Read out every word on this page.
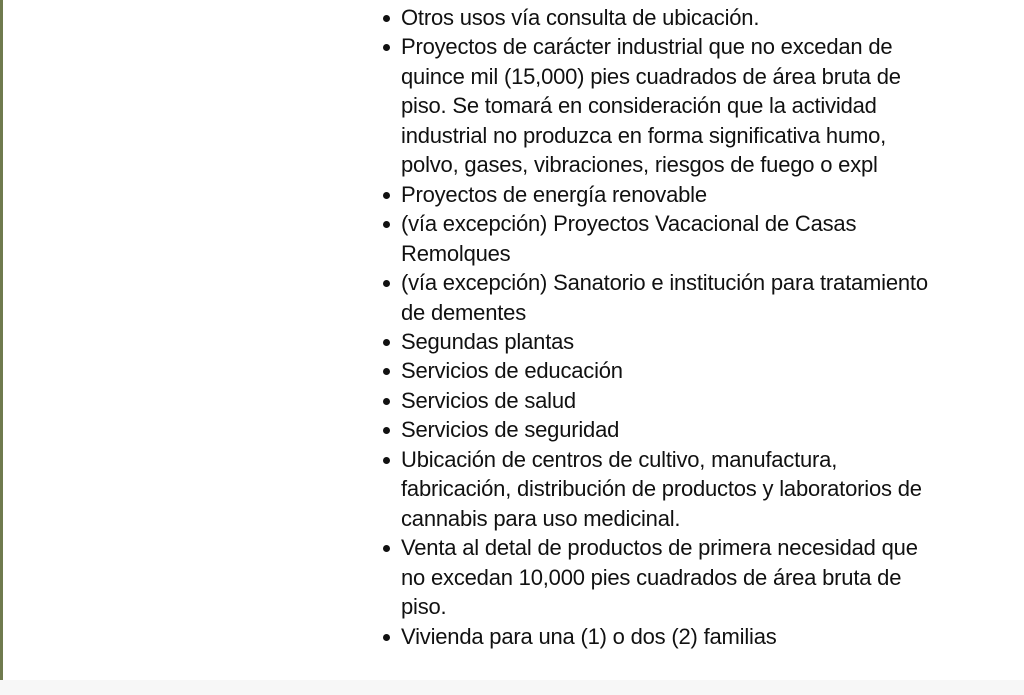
Otros usos vía consulta de ubicación.
Proyectos de carácter industrial que no excedan de
quince mil (15,000) pies cuadrados de área bruta de
piso. Se tomará en consideración que la actividad
industrial no produzca en forma significativa humo,
polvo, gases, vibraciones, riesgos de fuego o expl
Proyectos de energía renovable
(vía excepción) Proyectos Vacacional de Casas
Remolques
(vía excepción) Sanatorio e institución para tratamiento
de dementes
Segundas plantas
Servicios de educación
Servicios de salud
Servicios de seguridad
Ubicación de centros de cultivo, manufactura,
fabricación, distribución de productos y laboratorios de
cannabis para uso medicinal.
Venta al detal de productos de primera necesidad que
no excedan 10,000 pies cuadrados de área bruta de
piso.
Vivienda para una (1) o dos (2) familias
